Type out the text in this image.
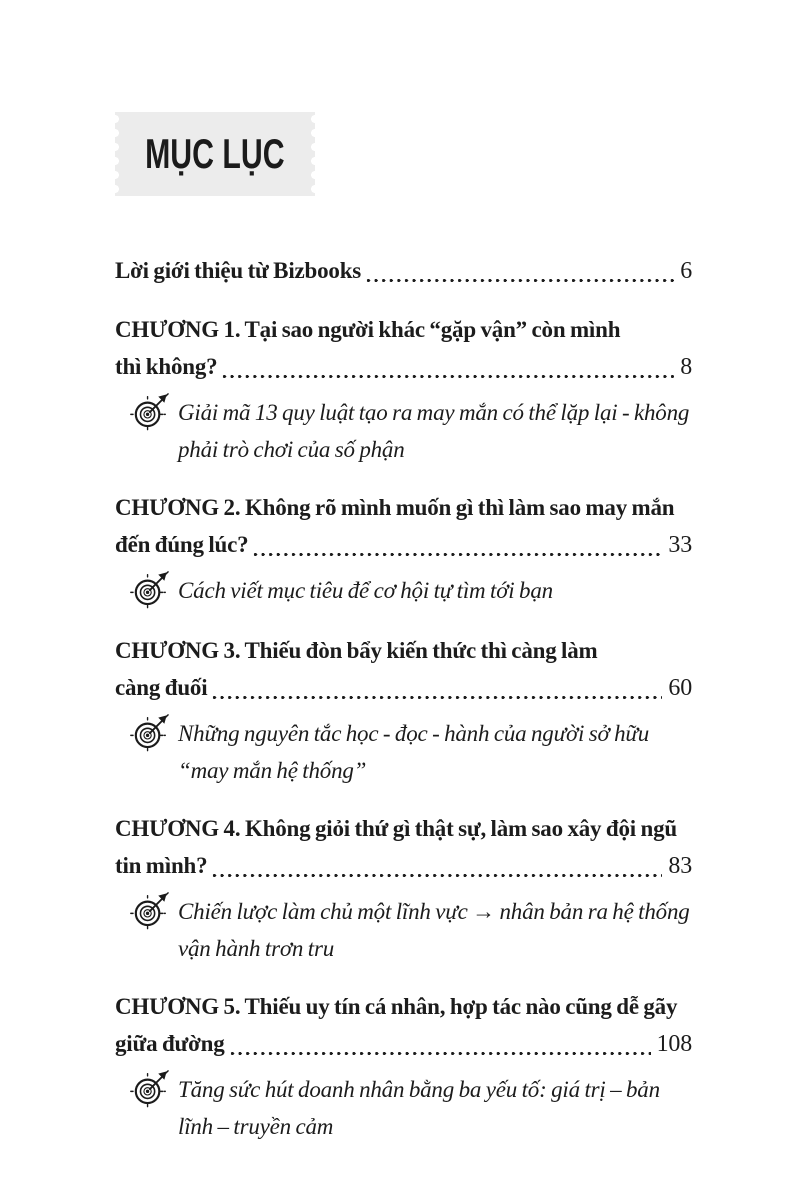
MỤC LỤC
Lời giới thiệu từ Bizbooks	6
CHƯƠNG 1. Tại sao người khác “gặp vận” còn mình
thì không?	8
Giải mã 13 quy luật tạo ra may mắn có thể lặp lại - không
phải trò chơi của số phận
CHƯƠNG 2. Không rõ mình muốn gì thì làm sao may mắn
đến đúng lúc?	33
Cách viết mục tiêu để cơ hội tự tìm tới bạn
CHƯƠNG 3. Thiếu đòn bẩy kiến thức thì càng làm
càng đuối	60
Những nguyên tắc học - đọc - hành của người sở hữu
“may mắn hệ thống”
CHƯƠNG 4. Không giỏi thứ gì thật sự, làm sao xây đội ngũ
tin mình?	83
Chiến lược làm chủ một lĩnh vực → nhân bản ra hệ thống
vận hành trơn tru
CHƯƠNG 5. Thiếu uy tín cá nhân, hợp tác nào cũng dễ gãy
giữa đường	108
Tăng sức hút doanh nhân bằng ba yếu tố: giá trị – bản
lĩnh – truyền cảm
